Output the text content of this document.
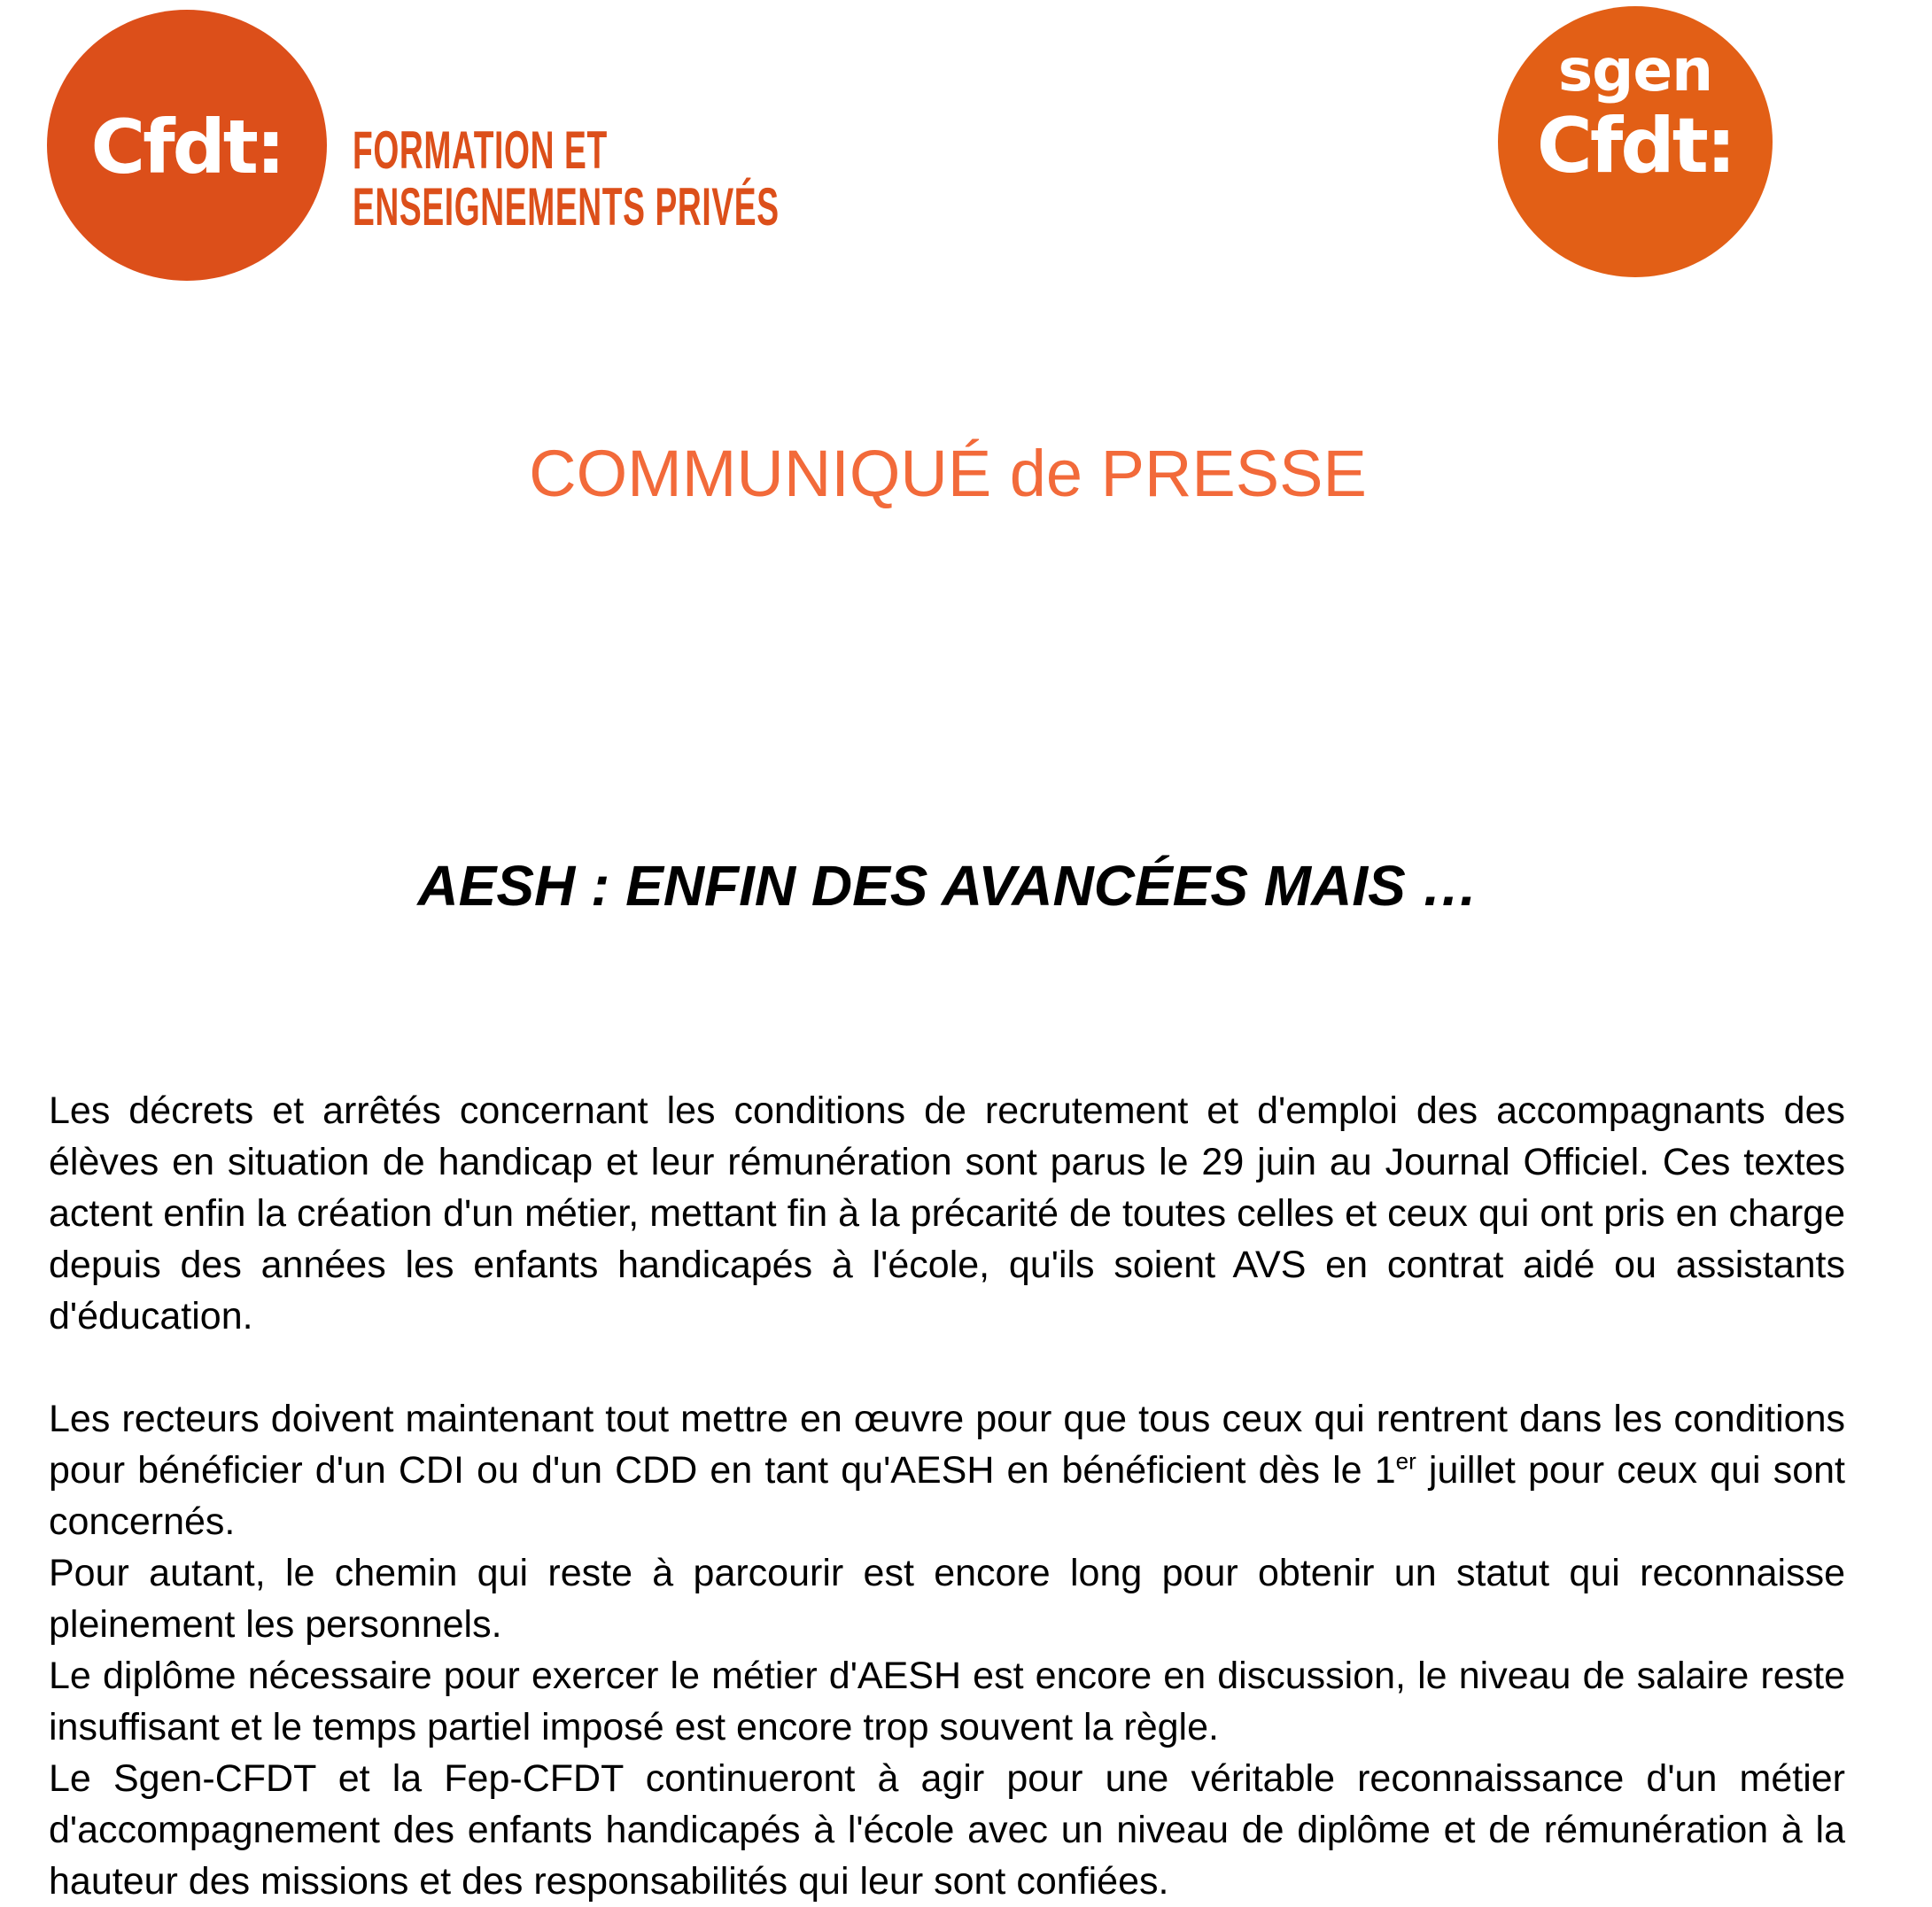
Cfdt:	FORMATION ET
ENSEIGNEMENTS PRIVÉS
sgen
Cfdt:
COMMUNIQUÉ de PRESSE
AESH : ENFIN DES AVANCÉES MAIS …

Les décrets et arrêtés concernant les conditions de recrutement et d'emploi des accompagnants des élèves en situation de handicap et leur rémunération sont parus le 29 juin au Journal Officiel. Ces textes actent enfin la création d'un métier, mettant fin à la précarité de toutes celles et ceux qui ont pris en charge depuis des années les enfants handicapés à l'école, qu'ils soient AVS en contrat aidé ou assistants d'éducation.

Les recteurs doivent maintenant tout mettre en œuvre pour que tous ceux qui rentrent dans les conditions pour bénéficier d'un CDI ou d'un CDD en tant qu'AESH en bénéficient dès le 1er juillet pour ceux qui sont concernés.

Pour autant, le chemin qui reste à parcourir est encore long pour obtenir un statut qui reconnaisse pleinement les personnels.

Le diplôme nécessaire pour exercer le métier d'AESH est encore en discussion, le niveau de salaire reste insuffisant et le temps partiel imposé est encore trop souvent la règle.

Le Sgen-CFDT et la Fep-CFDT continueront à agir pour une véritable reconnaissance d'un métier d'accompagnement des enfants handicapés à l'école avec un niveau de diplôme et de rémunération à la hauteur des missions et des responsabilités qui leur sont confiées.
